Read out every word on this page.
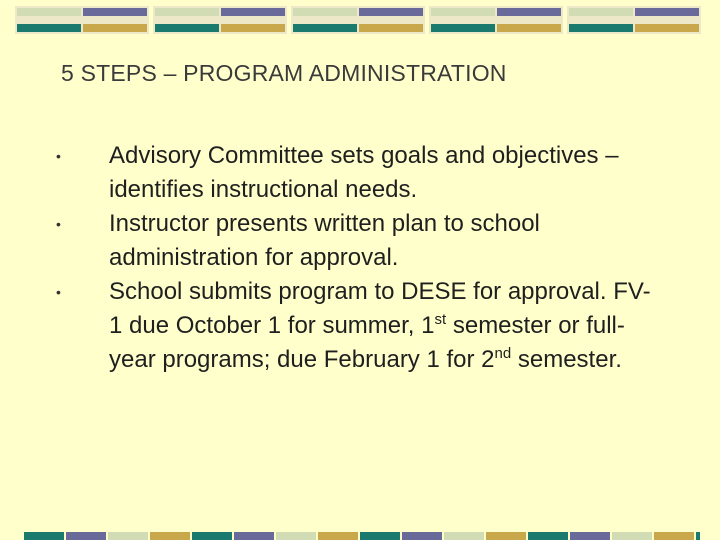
5 STEPS – PROGRAM ADMINISTRATION
• Advisory Committee sets goals and objectives – identifies instructional needs.
• Instructor presents written plan to school administration for approval.
• School submits program to DESE for approval. FV-1 due October 1 for summer, 1st semester or full-year programs; due February 1 for 2nd semester.
